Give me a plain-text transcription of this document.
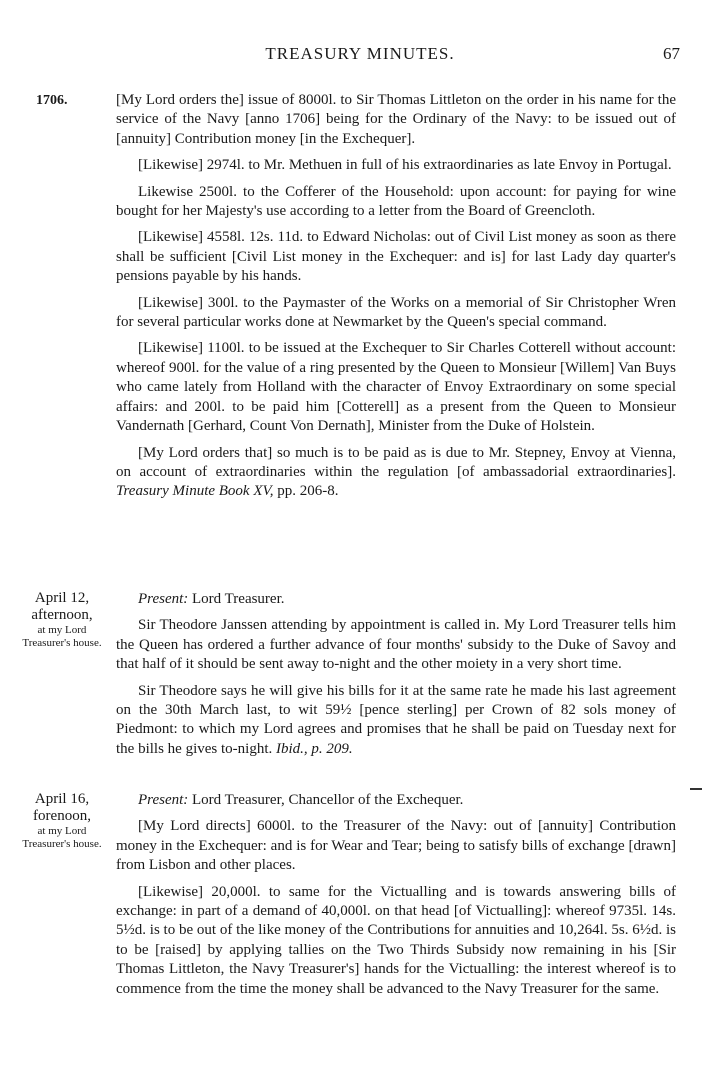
TREASURY MINUTES.	67
1706.	[My Lord orders the] issue of 8000l. to Sir Thomas Littleton on the order in his name for the service of the Navy [anno 1706] being for the Ordinary of the Navy: to be issued out of [annuity] Contribution money [in the Exchequer].

[Likewise] 2974l. to Mr. Methuen in full of his extraordinaries as late Envoy in Portugal.

Likewise 2500l. to the Cofferer of the Household: upon account: for paying for wine bought for her Majesty's use according to a letter from the Board of Greencloth.

[Likewise] 4558l. 12s. 11d. to Edward Nicholas: out of Civil List money as soon as there shall be sufficient [Civil List money in the Exchequer: and is] for last Lady day quarter's pensions payable by his hands.

[Likewise] 300l. to the Paymaster of the Works on a memorial of Sir Christopher Wren for several particular works done at Newmarket by the Queen's special command.

[Likewise] 1100l. to be issued at the Exchequer to Sir Charles Cotterell without account: whereof 900l. for the value of a ring presented by the Queen to Monsieur [Willem] Van Buys who came lately from Holland with the character of Envoy Extraordinary on some special affairs: and 200l. to be paid him [Cotterell] as a present from the Queen to Monsieur Vandernath [Gerhard, Count Von Dernath], Minister from the Duke of Holstein.

[My Lord orders that] so much is to be paid as is due to Mr. Stepney, Envoy at Vienna, on account of extraordinaries within the regulation [of ambassadorial extraordinaries]. Treasury Minute Book XV, pp. 206-8.

April 12,
afternoon,
at my Lord Treasurer's house.

Present: Lord Treasurer.

Sir Theodore Janssen attending by appointment is called in. My Lord Treasurer tells him the Queen has ordered a further advance of four months' subsidy to the Duke of Savoy and that half of it should be sent away to-night and the other moiety in a very short time.

Sir Theodore says he will give his bills for it at the same rate he made his last agreement on the 30th March last, to wit 59½ [pence sterling] per Crown of 82 sols money of Piedmont: to which my Lord agrees and promises that he shall be paid on Tuesday next for the bills he gives to-night. Ibid., p. 209.

April 16,
forenoon,
at my Lord Treasurer's house.

Present: Lord Treasurer, Chancellor of the Exchequer.

[My Lord directs] 6000l. to the Treasurer of the Navy: out of [annuity] Contribution money in the Exchequer: and is for Wear and Tear; being to satisfy bills of exchange [drawn] from Lisbon and other places.

[Likewise] 20,000l. to same for the Victualling and is towards answering bills of exchange: in part of a demand of 40,000l. on that head [of Victualling]: whereof 9735l. 14s. 5½d. is to be out of the like money of the Contributions for annuities and 10,264l. 5s. 6½d. is to be [raised] by applying tallies on the Two Thirds Subsidy now remaining in his [Sir Thomas Littleton, the Navy Treasurer's] hands for the Victualling: the interest whereof is to commence from the time the money shall be advanced to the Navy Treasurer for the same.
